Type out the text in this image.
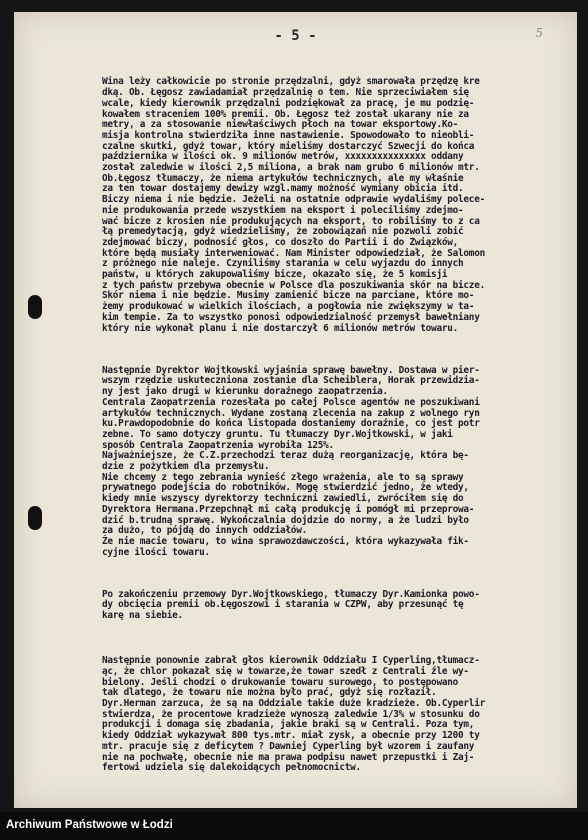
- 5 -	5

Wina leży całkowicie po stronie przędzalni, gdyż smarowała przędzę kre
dką. Ob. Łęgosz zawiadamiał przędzalnię o tem. Nie sprzeciwiałem się
wcale, kiedy kierownik przędzalni podziękował za pracę, je mu podzię-
kowałem straceniem 100% premii. Ob. Łęgosz też został ukarany nie za
metry, a za stosowanie niewłaściwych płoch na towar eksportowy.Ko-
misja kontrolna stwierdziła inne nastawienie. Spowodowało to nieobli-
czalne skutki, gdyż towar, który mieliśmy dostarczyć Szwecji do końca
października w ilości ok. 9 milionów metrów, xxxxxxxxxxxxxxx oddany
został zaledwie w ilości 2,5 miliona, a brak nam grubo 6 milionów mtr.
Ob.Łęgosz tłumaczy, że niema artykułów technicznych, ale my właśnie
za ten towar dostajemy dewizy wzgl.mamy możność wymiany obicia itd.
Biczy niema i nie będzie. Jeżeli na ostatnie odprawie wydaliśmy polece-
nie produkowania przede wszystkiem na eksport i poleciliśmy zdejmo-
wać bicze z krosien nie produkujących na eksport, to robiliśmy to z ca
łą premedytacją, gdyż wiedzieliśmy, że zobowiązań nie pozwoli zobić
zdejmować biczy, podnosić głos, co doszło do Partii i do Związków,
które będą musiały interweniować. Nam Minister odpowiedział, że Salomon
z próżnego nie naleje. Czyniliśmy starania w celu wyjazdu do innych
państw, u których zakupowaliśmy bicze, okazało się, że 5 komisji
z tych państw przebywa obecnie w Polsce dla poszukiwania skór na bicze.
Skór niema i nie będzie. Musimy zamienić bicze na parciane, które mo-
żemy produkować w wielkich ilościach, a pogłowia nie zwiększymy w ta-
kim tempie. Za to wszystko ponosi odpowiedzialność przemysł bawełniany
który nie wykonał planu i nie dostarczył 6 milionów metrów towaru.

Następnie Dyrektor Wojtkowski wyjaśnia sprawę bawełny. Dostawa w pier-
wszym rzędzie uskuteczniona zostanie dla Scheiblera, Horak przewidzia-
ny jest jako drugi w kierunku doraźnego zaopatrzenia.
Centrala Zaopatrzenia rozesłała po całej Polsce agentów ne poszukiwani
artykułów technicznych. Wydane zostaną zlecenia na zakup z wolnego ryn
ku.Prawdopodobnie do końca listopada dostaniemy doraźnie, co jest potr
zebne. To samo dotyczy gruntu. Tu tłumaczy Dyr.Wojtkowski, w jaki
sposób Centrala Zaopatrzenia wyrobiła 125%.
Najważniejsze, że C.Z.przechodzi teraz dużą reorganizację, która bę-
dzie z pożytkiem dla przemysłu.
Nie chcemy z tego zebrania wynieść złego wrażenia, ale to są sprawy
prywatnego podejścia do robotników. Mogę stwierdzić jedno, że wtedy,
kiedy mnie wszyscy dyrektorzy techniczni zawiedli, zwróciłem się do
Dyrektora Hermana.Przepchnął mi całą produkcję i pomógł mi przeprowa-
dzić b.trudną sprawę. Wykończalnia dojdzie do normy, a że ludzi było
za dużo, to pójdą do innych oddziałów.
Że nie macie towaru, to wina sprawozdawczości, która wykazywała fik-
cyjne ilości towaru.

Po zakończeniu przemowy Dyr.Wojtkowskiego, tłumaczy Dyr.Kamionka powo-
dy obcięcia premii ob.Łęgoszowi i starania w CZPW, aby przesunąć tę
karę na siebie.

Następnie ponownie zabrał głos kierownik Oddziału I Cyperling,tłumacz-
ąc, że chlor pokazał się w towarze,że towar szedł z Centrali źle wy-
bielony. Jeśli chodzi o drukowanie towaru surowego, to postępowano
tak dlatego, że towaru nie można było prać, gdyż się rozłaził.
Dyr.Herman zarzuca, że są na Oddziale takie duże kradzieże. Ob.Cyperlir
stwierdza, że procentowe kradzieże wynoszą zaledwie 1/3% w stosunku do
produkcji i domaga się zbadania, jakie braki są w Centrali. Poza tym,
kiedy Oddział wykazywał 800 tys.mtr. miał zysk, a obecnie przy 1200 ty
mtr. pracuje się z deficytem ? Dawniej Cyperling był wzorem i zaufany
nie na pochwałę, obecnie nie ma prawa podpisu nawet przepustki i Zaj-
fertowi udziela się dalekoidących pełnomocnictw.

Archiwum Państwowe w Łodzi
